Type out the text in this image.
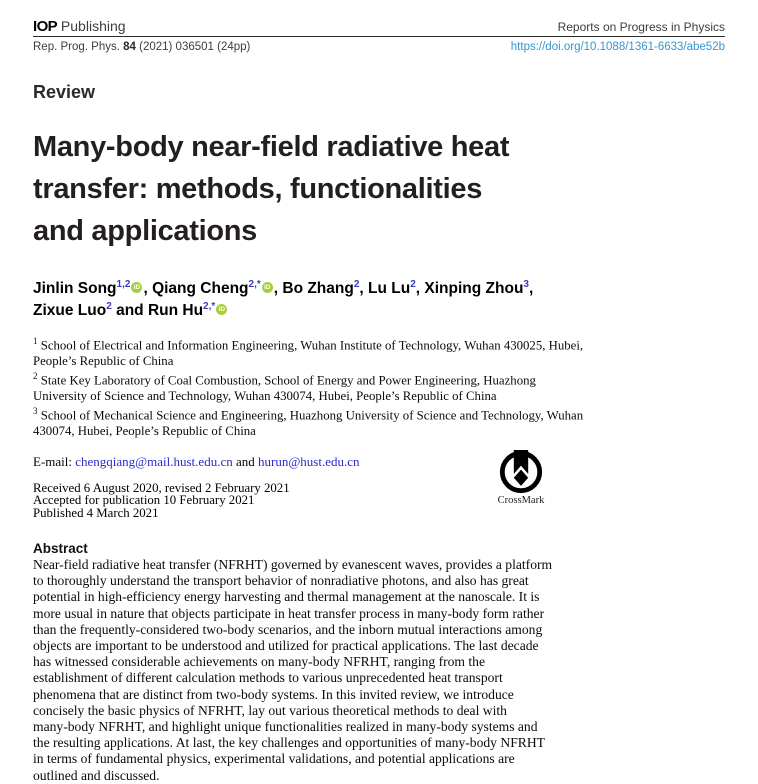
IOP Publishing	Reports on Progress in Physics
Rep. Prog. Phys. 84 (2021) 036501 (24pp)	https://doi.org/10.1088/1361-6633/abe52b
Review
Many-body near-field radiative heat
transfer: methods, functionalities
and applications
Jinlin Song$^{1,2}$ iD , Qiang Cheng$^{2,*}$ iD , Bo Zhang$^2$, Lu Lu$^2$, Xinping Zhou$^3$,
Zixue Luo$^2$ and Run $Hu^{2,*}$ iD
$^1$ School of Electrical and Information Engineering, Wuhan Institute of Technology, Wuhan 430025, Hubei, People’s Republic of China
$^2$ State Key Laboratory of Coal Combustion, School of Energy and Power Engineering, Huazhong University of Science and Technology, Wuhan 430074, Hubei, People’s Republic of China
$^3$ School of Mechanical Science and Engineering, Huazhong University of Science and Technology, Wuhan 430074, Hubei, People’s Republic of China
E-mail: chengqiang@mail.hust.edu.cn and hurun@hust.edu.cn
Received 6 August 2020, revised 2 February 2021
Accepted for publication 10 February 2021
Published 4 March 2021
Abstract
Near-field radiative heat transfer (NFRHT) governed by evanescent waves, provides a platform
to thoroughly understand the transport behavior of nonradiative photons, and also has great
potential in high-efficiency energy harvesting and thermal management at the nanoscale. It is
more usual in nature that objects participate in heat transfer process in many-body form rather
than the frequently-considered two-body scenarios, and the inborn mutual interactions among
objects are important to be understood and utilized for practical applications. The last decade
has witnessed considerable achievements on many-body NFRHT, ranging from the
establishment of different calculation methods to various unprecedented heat transport
phenomena that are distinct from two-body systems. In this invited review, we introduce
concisely the basic physics of NFRHT, lay out various theoretical methods to deal with
many-body NFRHT, and highlight unique functionalities realized in many-body systems and
the resulting applications. At last, the key challenges and opportunities of many-body NFRHT
in terms of fundamental physics, experimental validations, and potential applications are
outlined and discussed.
CrossMark
